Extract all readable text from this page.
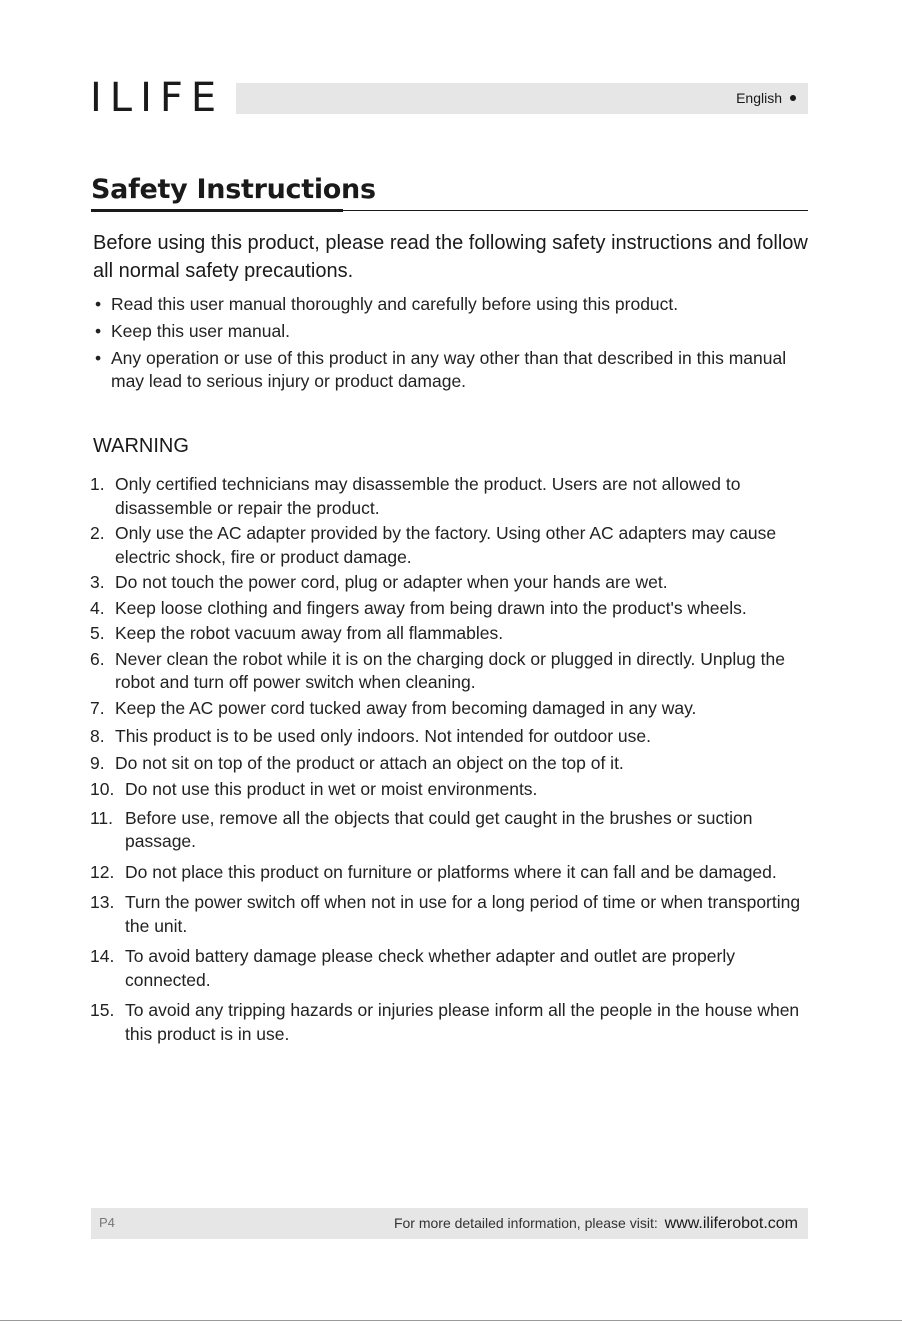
ILIFE	English
Safety Instructions

Before using this product, please read the following safety instructions and follow all normal safety precautions.

• Read this user manual thoroughly and carefully before using this product.
• Keep this user manual.
• Any operation or use of this product in any way other than that described in this manual may lead to serious injury or product damage.
WARNING
1. Only certified technicians may disassemble the product. Users are not allowed to disassemble or repair the product.
2. Only use the AC adapter provided by the factory. Using other AC adapters may cause electric shock, fire or product damage.
3. Do not touch the power cord, plug or adapter when your hands are wet.
4. Keep loose clothing and fingers away from being drawn into the product's wheels.
5. Keep the robot vacuum away from all flammables.
6. Never clean the robot while it is on the charging dock or plugged in directly. Unplug the robot and turn off power switch when cleaning.
7. Keep the AC power cord tucked away from becoming damaged in any way.
8. This product is to be used only indoors. Not intended for outdoor use.
9. Do not sit on top of the product or attach an object on the top of it.
10. Do not use this product in wet or moist environments.
11. Before use, remove all the objects that could get caught in the brushes or suction passage.
12. Do not place this product on furniture or platforms where it can fall and be damaged.
13. Turn the power switch off when not in use for a long period of time or when transporting the unit.
14. To avoid battery damage please check whether adapter and outlet are properly connected.
15. To avoid any tripping hazards or injuries please inform all the people in the house when this product is in use.
P4	For more detailed information, please visit: www.iliferobot.com
